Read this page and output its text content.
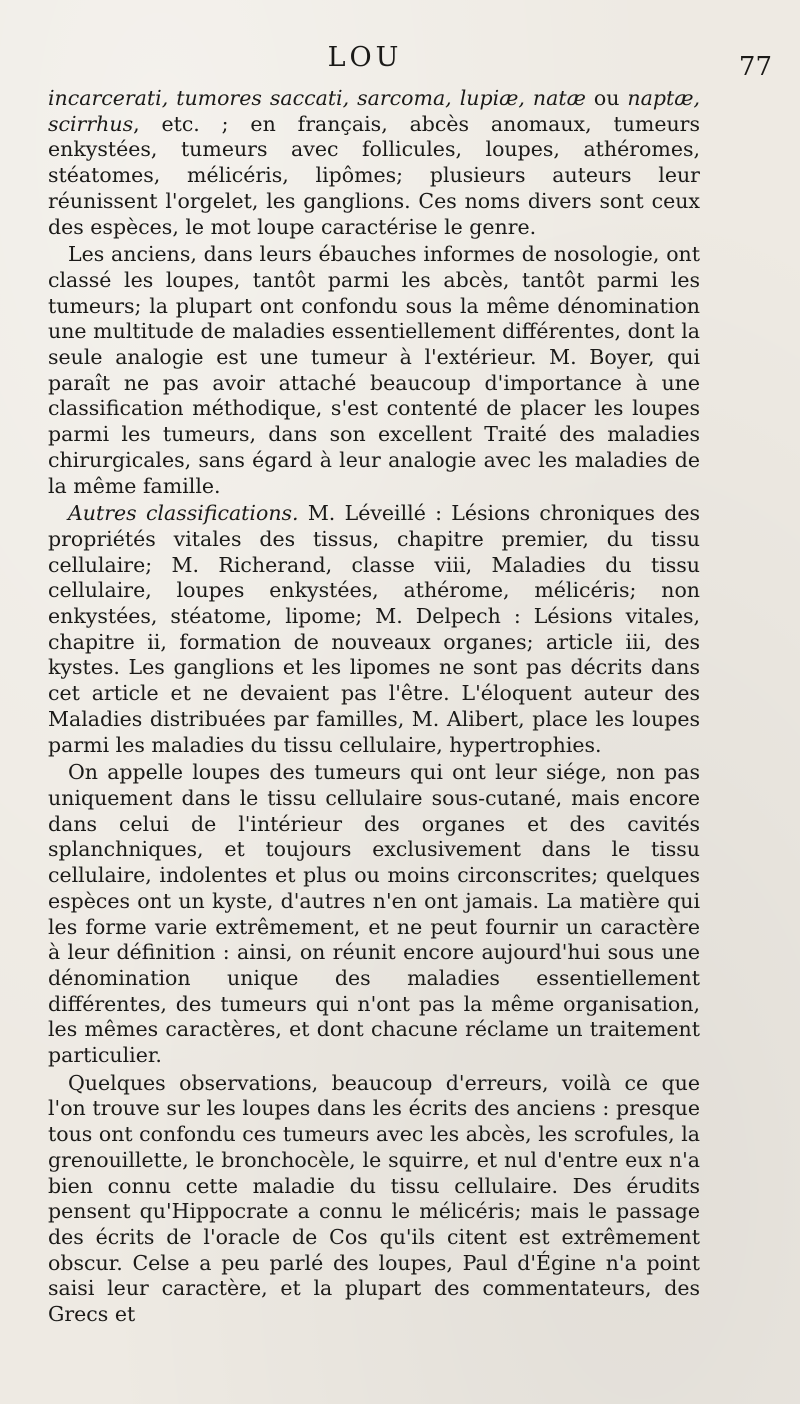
LOU	77

incarcerati, tumores saccati, sarcoma, lupiæ, natæ ou naptæ, scirrhus, etc. ; en français, abcès anomaux, tumeurs enkystées, tumeurs avec follicules, loupes, athéromes, stéatomes, mélicéris, lipômes; plusieurs auteurs leur réunissent l'orgelet, les ganglions. Ces noms divers sont ceux des espèces, le mot loupe caractérise le genre.

Les anciens, dans leurs ébauches informes de nosologie, ont classé les loupes, tantôt parmi les abcès, tantôt parmi les tumeurs; la plupart ont confondu sous la même dénomination une multitude de maladies essentiellement différentes, dont la seule analogie est une tumeur à l'extérieur. M. Boyer, qui paraît ne pas avoir attaché beaucoup d'importance à une classification méthodique, s'est contenté de placer les loupes parmi les tumeurs, dans son excellent Traité des maladies chirurgicales, sans égard à leur analogie avec les maladies de la même famille.

Autres classifications. M. Léveillé : Lésions chroniques des propriétés vitales des tissus, chapitre premier, du tissu cellulaire; M. Richerand, classe viii, Maladies du tissu cellulaire, loupes enkystées, athérome, mélicéris; non enkystées, stéatome, lipome; M. Delpech : Lésions vitales, chapitre ii, formation de nouveaux organes; article iii, des kystes. Les ganglions et les lipomes ne sont pas décrits dans cet article et ne devaient pas l'être. L'éloquent auteur des Maladies distribuées par familles, M. Alibert, place les loupes parmi les maladies du tissu cellulaire, hypertrophies.

On appelle loupes des tumeurs qui ont leur siége, non pas uniquement dans le tissu cellulaire sous-cutané, mais encore dans celui de l'intérieur des organes et des cavités splanchniques, et toujours exclusivement dans le tissu cellulaire, indolentes et plus ou moins circonscrites; quelques espèces ont un kyste, d'autres n'en ont jamais. La matière qui les forme varie extrêmement, et ne peut fournir un caractère à leur définition : ainsi, on réunit encore aujourd'hui sous une dénomination unique des maladies essentiellement différentes, des tumeurs qui n'ont pas la même organisation, les mêmes caractères, et dont chacune réclame un traitement particulier.

Quelques observations, beaucoup d'erreurs, voilà ce que l'on trouve sur les loupes dans les écrits des anciens : presque tous ont confondu ces tumeurs avec les abcès, les scrofules, la grenouillette, le bronchocèle, le squirre, et nul d'entre eux n'a bien connu cette maladie du tissu cellulaire. Des érudits pensent qu'Hippocrate a connu le mélicéris; mais le passage des écrits de l'oracle de Cos qu'ils citent est extrêmement obscur. Celse a peu parlé des loupes, Paul d'Égine n'a point saisi leur caractère, et la plupart des commentateurs, des Grecs et
